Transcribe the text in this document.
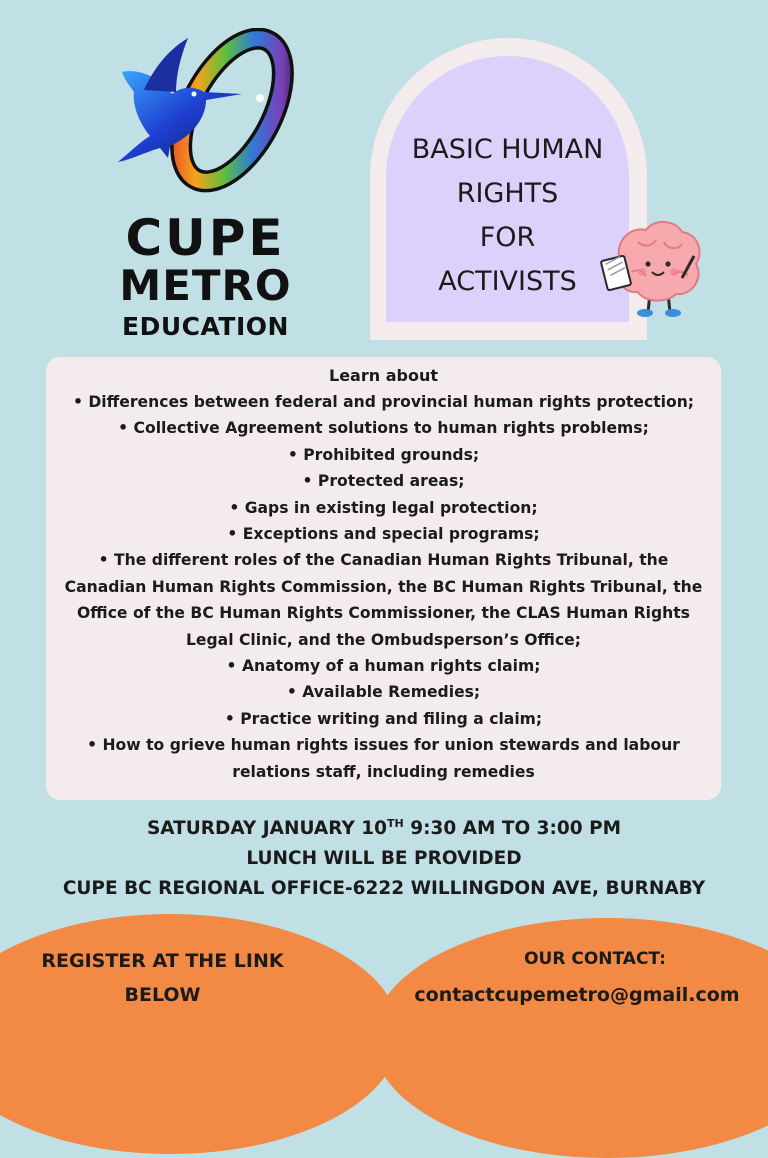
CUPE
METRO
EDUCATION
BASIC HUMAN
RIGHTS
FOR
ACTIVISTS
Learn about
• Differences between federal and provincial human rights protection;
• Collective Agreement solutions to human rights problems;
• Prohibited grounds;
• Protected areas;
• Gaps in existing legal protection;
• Exceptions and special programs;
• The different roles of the Canadian Human Rights Tribunal, the Canadian Human Rights Commission, the BC Human Rights Tribunal, the Office of the BC Human Rights Commissioner, the CLAS Human Rights Legal Clinic, and the Ombudsperson’s Office;
• Anatomy of a human rights claim;
• Available Remedies;
• Practice writing and filing a claim;
• How to grieve human rights issues for union stewards and labour relations staff, including remedies
SATURDAY JANUARY 10TH 9:30 AM TO 3:00 PM
LUNCH WILL BE PROVIDED
CUPE BC REGIONAL OFFICE-6222 WILLINGDON AVE, BURNABY
REGISTER AT THE LINK
BELOW
OUR CONTACT:
contactcupemetro@gmail.com
